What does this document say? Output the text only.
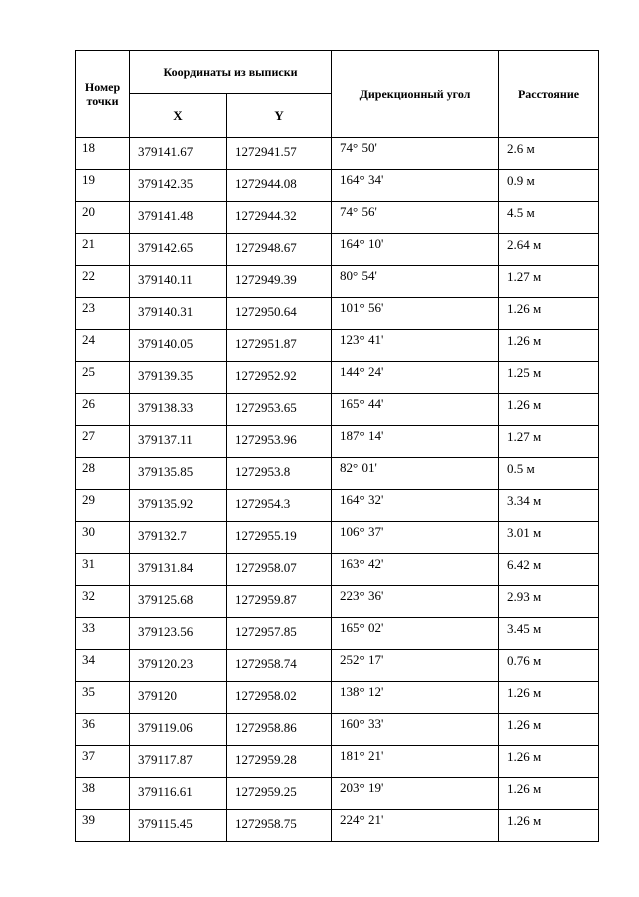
Номер точки	Координаты из выписки		Дирекционный угол	Расстояние
	X	Y		
18	379141.67	1272941.57	74° 50'	2.6 м
19	379142.35	1272944.08	164° 34'	0.9 м
20	379141.48	1272944.32	74° 56'	4.5 м
21	379142.65	1272948.67	164° 10'	2.64 м
22	379140.11	1272949.39	80° 54'	1.27 м
23	379140.31	1272950.64	101° 56'	1.26 м
24	379140.05	1272951.87	123° 41'	1.26 м
25	379139.35	1272952.92	144° 24'	1.25 м
26	379138.33	1272953.65	165° 44'	1.26 м
27	379137.11	1272953.96	187° 14'	1.27 м
28	379135.85	1272953.8	82° 01'	0.5 м
29	379135.92	1272954.3	164° 32'	3.34 м
30	379132.7	1272955.19	106° 37'	3.01 м
31	379131.84	1272958.07	163° 42'	6.42 м
32	379125.68	1272959.87	223° 36'	2.93 м
33	379123.56	1272957.85	165° 02'	3.45 м
34	379120.23	1272958.74	252° 17'	0.76 м
35	379120	1272958.02	138° 12'	1.26 м
36	379119.06	1272958.86	160° 33'	1.26 м
37	379117.87	1272959.28	181° 21'	1.26 м
38	379116.61	1272959.25	203° 19'	1.26 м
39	379115.45	1272958.75	224° 21'	1.26 м
